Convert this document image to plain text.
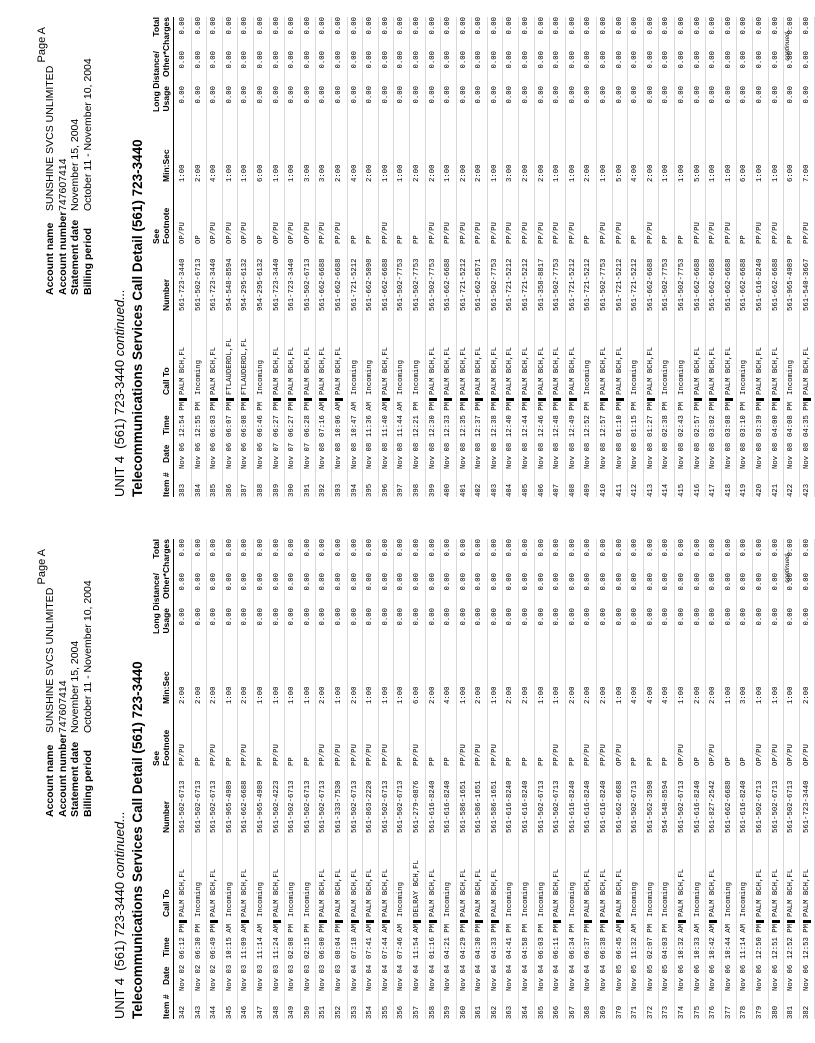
Page A
Account name
SUNSHINE SVCS UNLIMITED
Account number
747607414
Statement date
November 15, 2004
Billing period
October 11 - November 10, 2004
UNIT 4  (561) 723-3440 continued... Telecommunications Services Call Detail (561) 723-3440 Item #
Date
Time
Call To
Number
See Footnote
Min:Sec
Usage
Long Distance/ Other*
Total Charges
342
Nov 02
06:12 PM
PALM BCH,FL
561-502-6713
PP/PU
2:00
0.00
0.00
0.00
343
Nov 02
06:30 PM
Incoming
561-502-6713
PP
2:00
0.00
0.00
0.00
344
Nov 02
06:49 PM
PALM BCH,FL
561-502-6713
PP/PU
2:00
0.00
0.00
0.00
345
Nov 03
10:15 AM
Incoming
561-965-4989
PP
1:00
0.00
0.00
0.00
346
Nov 03
11:09 AM
PALM BCH,FL
561-662-6688
PP/PU
2:00
0.00
0.00
0.00
347
Nov 03
11:14 AM
Incoming
561-965-4989
PP
1:00
0.00
0.00
0.00
348
Nov 03
11:24 AM
PALM BCH,FL
561-502-4223
PP/PU
1:00
0.00
0.00
0.00
349
Nov 03
02:08 PM
Incoming
561-502-6713
PP
1:00
0.00
0.00
0.00
350
Nov 03
02:15 PM
Incoming
561-502-6713
PP
1:00
0.00
0.00
0.00
351
Nov 03
06:00 PM
PALM BCH,FL
561-502-6713
PP/PU
2:00
0.00
0.00
0.00
352
Nov 03
08:04 PM
PALM BCH,FL
561-333-7530
PP/PU
1:00
0.00
0.00
0.00
353
Nov 04
07:18 AM
PALM BCH,FL
561-502-6713
PP/PU
2:00
0.00
0.00
0.00
354
Nov 04
07:41 AM
PALM BCH,FL
561-863-2220
PP/PU
1:00
0.00
0.00
0.00
355
Nov 04
07:44 AM
PALM BCH,FL
561-502-6713
PP/PU
1:00
0.00
0.00
0.00
356
Nov 04
07:46 AM
Incoming
561-502-6713
PP
1:00
0.00
0.00
0.00
357
Nov 04
11:54 AM
DELRAY BCH,FL
561-279-0876
PP/PU
6:00
0.00
0.00
0.00
358
Nov 04
01:16 PM
PALM BCH,FL
561-616-8240
PP
2:00
0.00
0.00
0.00
359
Nov 04
04:21 PM
Incoming
561-616-8240
PP
4:00
0.00
0.00
0.00
360
Nov 04
04:29 PM
PALM BCH,FL
561-586-1651
PP/PU
1:00
0.00
0.00
0.00
361
Nov 04
04:30 PM
PALM BCH,FL
561-586-1651
PP/PU
2:00
0.00
0.00
0.00
362
Nov 04
04:33 PM
PALM BCH,FL
561-586-1651
PP/PU
1:00
0.00
0.00
0.00
363
Nov 04
04:41 PM
Incoming
561-616-8240
PP
2:00
0.00
0.00
0.00
364
Nov 04
04:58 PM
Incoming
561-616-8240
PP
2:00
0.00
0.00
0.00
365
Nov 04
06:03 PM
Incoming
561-502-6713
PP
1:00
0.00
0.00
0.00
366
Nov 04
06:11 PM
PALM BCH,FL
561-502-6713
PP/PU
1:00
0.00
0.00
0.00
367
Nov 04
06:34 PM
Incoming
561-616-8240
PP
2:00
0.00
0.00
0.00
368
Nov 04
06:37 PM
PALM BCH,FL
561-616-8240
PP/PU
2:00
0.00
0.00
0.00
369
Nov 04
06:38 PM
PALM BCH,FL
561-616-8240
PP/PU
2:00
0.00
0.00
0.00
370
Nov 05
06:45 AM
PALM BCH,FL
561-662-6688
OP/PU
1:00
0.00
0.00
0.00
371
Nov 05
11:32 AM
Incoming
561-502-6713
PP
4:00
0.00
0.00
0.00
372
Nov 05
02:07 PM
Incoming
561-562-3598
PP
4:00
0.00
0.00
0.00
373
Nov 05
04:03 PM
Incoming
954-548-8594
PP
4:00
0.00
0.00
0.00
374
Nov 06
10:32 AM
PALM BCH,FL
561-502-6713
OP/PU
1:00
0.00
0.00
0.00
375
Nov 06
10:33 AM
Incoming
561-616-8240
OP
2:00
0.00
0.00
0.00
376
Nov 06
10:42 AM
PALM BCH,FL
561-827-2542
OP/PU
2:00
0.00
0.00
0.00
377
Nov 06
10:44 AM
Incoming
561-662-6688
OP
1:00
0.00
0.00
0.00
378
Nov 06
11:14 AM
Incoming
561-616-8240
OP
3:00
0.00
0.00
0.00
379
Nov 06
12:50 PM
PALM BCH,FL
561-502-6713
OP/PU
1:00
0.00
0.00
0.00
380
Nov 06
12:51 PM
PALM BCH,FL
561-502-6713
OP/PU
1:00
0.00
0.00
0.00
381
Nov 06
12:52 PM
PALM BCH,FL
561-502-6713
OP/PU
1:00
0.00
0.00
0.00
382
Nov 06
12:53 PM
PALM BCH,FL
561-723-3440
OP/PU
2:00
0.00
0.00
0.00
continued...
Page A
Account name
SUNSHINE SVCS UNLIMITED
Account number
747607414
Statement date
November 15, 2004
Billing period
October 11 - November 10, 2004
UNIT 4  (561) 723-3440 continued... Telecommunications Services Call Detail (561) 723-3440 Item #
Date
Time
Call To
Number
See Footnote
Min:Sec
Usage
Long Distance/ Other*
Total Charges
383
Nov 06
12:54 PM
PALM BCH,FL
561-723-3440
OP/PU
1:00
0.00
0.00
0.00
384
Nov 06
12:55 PM
Incoming
561-502-6713
OP
2:00
0.00
0.00
0.00
385
Nov 06
06:03 PM
PALM BCH,FL
561-723-3440
OP/PU
4:00
0.00
0.00
0.00
386
Nov 06
06:07 PM
FTLAUDERDL,FL
954-548-8594
OP/PU
1:00
0.00
0.00
0.00
387
Nov 06
06:08 PM
FTLAUDERDL,FL
954-295-6132
OP/PU
1:00
0.00
0.00
0.00
388
Nov 06
06:46 PM
Incoming
954-295-6132
OP
6:00
0.00
0.00
0.00
389
Nov 07
06:27 PM
PALM BCH,FL
561-723-3440
OP/PU
1:00
0.00
0.00
0.00
390
Nov 07
06:27 PM
PALM BCH,FL
561-723-3440
OP/PU
1:00
0.00
0.00
0.00
391
Nov 07
06:28 PM
PALM BCH,FL
561-502-6713
OP/PU
3:00
0.00
0.00
0.00
392
Nov 08
07:16 AM
PALM BCH,FL
561-662-6688
PP/PU
3:00
0.00
0.00
0.00
393
Nov 08
10:06 AM
PALM BCH,FL
561-662-6688
PP/PU
2:00
0.00
0.00
0.00
394
Nov 08
10:47 AM
Incoming
561-721-5212
PP
4:00
0.00
0.00
0.00
395
Nov 08
11:36 AM
Incoming
561-662-5098
PP
2:00
0.00
0.00
0.00
396
Nov 08
11:40 AM
PALM BCH,FL
561-662-6688
PP/PU
1:00
0.00
0.00
0.00
397
Nov 08
11:44 AM
Incoming
561-502-7753
PP
1:00
0.00
0.00
0.00
398
Nov 08
12:21 PM
Incoming
561-502-7753
PP
2:00
0.00
0.00
0.00
399
Nov 08
12:30 PM
PALM BCH,FL
561-502-7753
PP/PU
2:00
0.00
0.00
0.00
400
Nov 08
12:33 PM
PALM BCH,FL
561-662-6688
PP/PU
1:00
0.00
0.00
0.00
401
Nov 08
12:35 PM
PALM BCH,FL
561-721-5212
PP/PU
2:00
0.00
0.00
0.00
402
Nov 08
12:37 PM
PALM BCH,FL
561-662-6571
PP/PU
2:00
0.00
0.00
0.00
403
Nov 08
12:38 PM
PALM BCH,FL
561-502-7753
PP/PU
1:00
0.00
0.00
0.00
404
Nov 08
12:40 PM
PALM BCH,FL
561-721-5212
PP/PU
3:00
0.00
0.00
0.00
405
Nov 08
12:44 PM
PALM BCH,FL
561-721-5212
PP/PU
2:00
0.00
0.00
0.00
406
Nov 08
12:46 PM
PALM BCH,FL
561-358-8817
PP/PU
2:00
0.00
0.00
0.00
407
Nov 08
12:48 PM
PALM BCH,FL
561-502-7753
PP/PU
1:00
0.00
0.00
0.00
408
Nov 08
12:49 PM
PALM BCH,FL
561-721-5212
PP/PU
1:00
0.00
0.00
0.00
409
Nov 08
12:52 PM
Incoming
561-721-5212
PP
2:00
0.00
0.00
0.00
410
Nov 08
12:57 PM
PALM BCH,FL
561-502-7753
PP/PU
1:00
0.00
0.00
0.00
411
Nov 08
01:10 PM
PALM BCH,FL
561-721-5212
PP/PU
5:00
0.00
0.00
0.00
412
Nov 08
01:15 PM
Incoming
561-721-5212
PP
4:00
0.00
0.00
0.00
413
Nov 08
01:27 PM
PALM BCH,FL
561-662-6688
PP/PU
2:00
0.00
0.00
0.00
414
Nov 08
02:38 PM
Incoming
561-502-7753
PP
1:00
0.00
0.00
0.00
415
Nov 08
02:43 PM
Incoming
561-502-7753
PP
1:00
0.00
0.00
0.00
416
Nov 08
02:57 PM
PALM BCH,FL
561-662-6688
PP/PU
5:00
0.00
0.00
0.00
417
Nov 08
03:02 PM
PALM BCH,FL
561-662-6688
PP/PU
1:00
0.00
0.00
0.00
418
Nov 08
03:08 PM
PALM BCH,FL
561-662-6688
PP/PU
1:00
0.00
0.00
0.00
419
Nov 08
03:10 PM
Incoming
561-662-6688
PP
6:00
0.00
0.00
0.00
420
Nov 08
03:39 PM
PALM BCH,FL
561-616-8240
PP/PU
1:00
0.00
0.00
0.00
421
Nov 08
04:00 PM
PALM BCH,FL
561-662-6688
PP/PU
1:00
0.00
0.00
0.00
422
Nov 08
04:08 PM
Incoming
561-965-4989
PP
6:00
0.00
0.00
0.00
423
Nov 08
04:35 PM
PALM BCH,FL
561-540-3667
PP/PU
7:00
0.00
0.00
0.00
continued...
